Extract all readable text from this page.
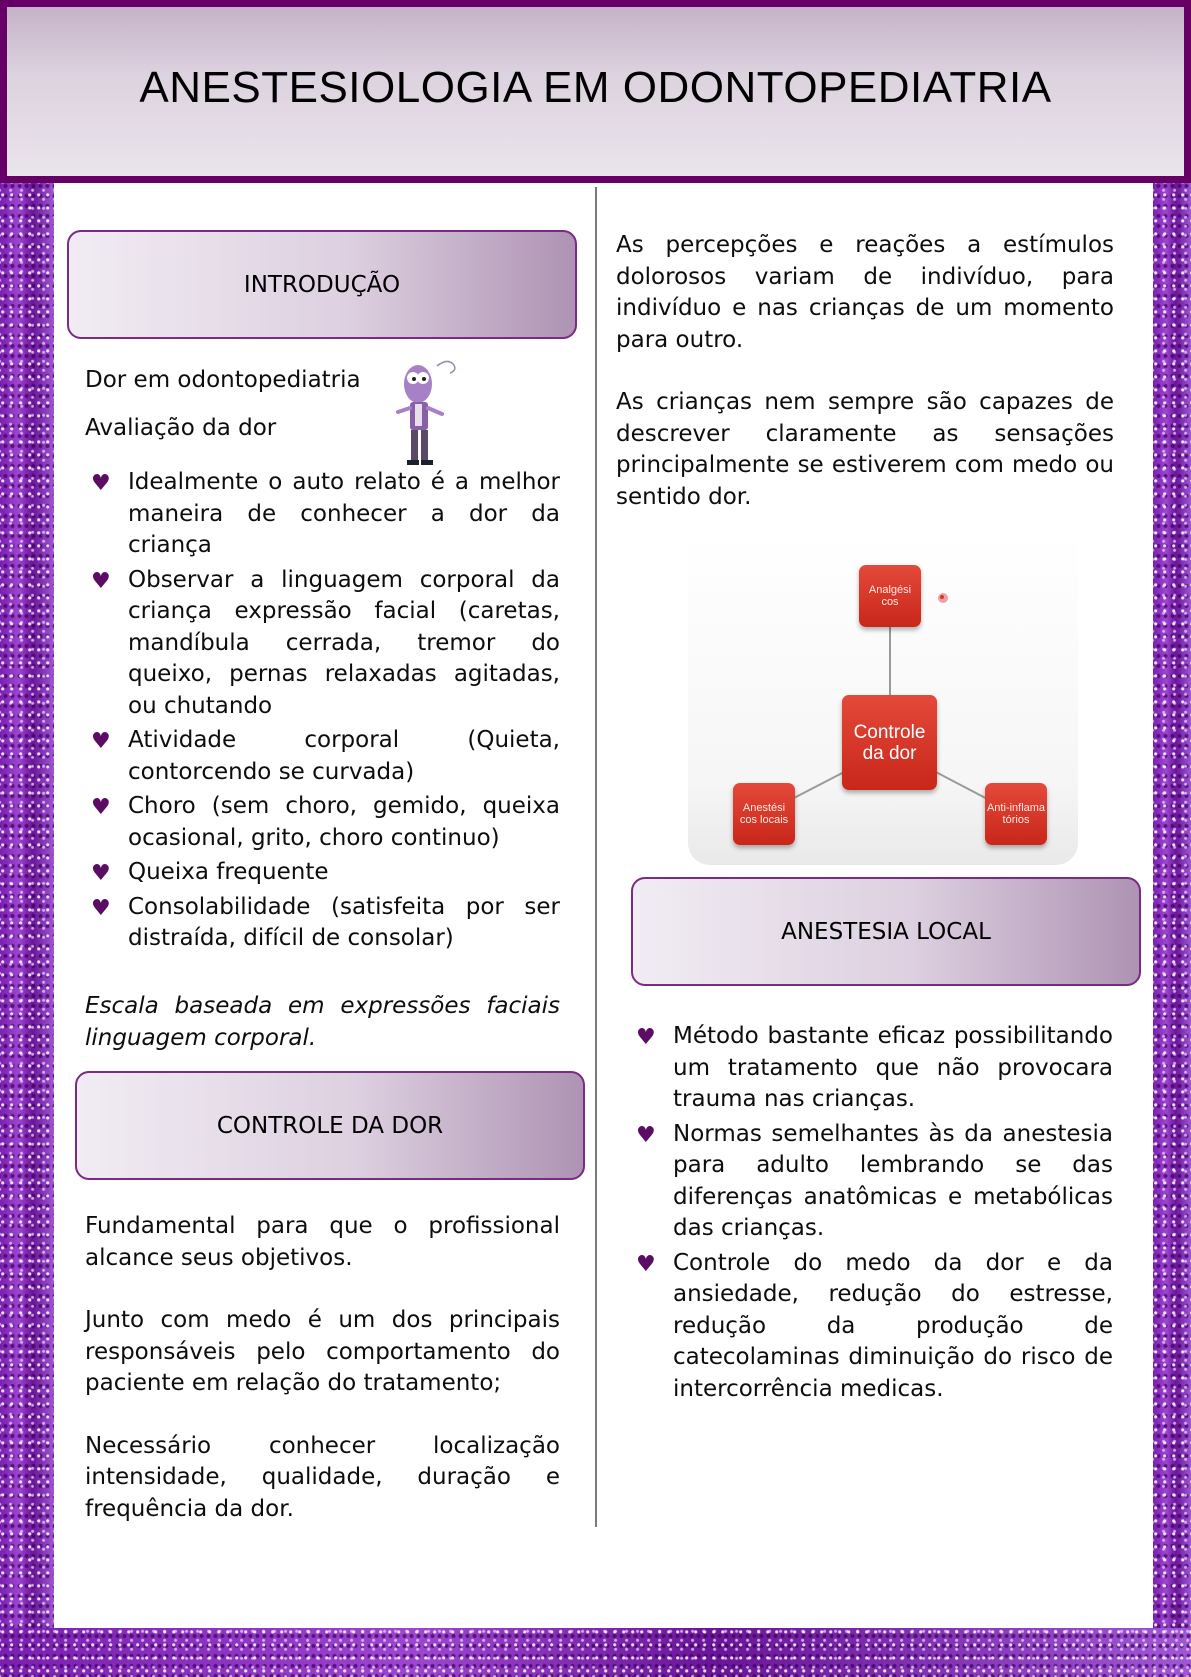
ANESTESIOLOGIA EM ODONTOPEDIATRIA
INTRODUÇÃO
Dor em odontopediatria
Avaliação da dor
♥ Idealmente o auto relato é a melhor maneira de conhecer a dor da criança
♥ Observar a linguagem corporal da criança expressão facial (caretas, mandíbula cerrada, tremor do queixo, pernas relaxadas agitadas, ou chutando
♥ Atividade corporal (Quieta, contorcendo se curvada)
♥ Choro (sem choro, gemido, queixa ocasional, grito, choro continuo)
♥ Queixa frequente
♥ Consolabilidade (satisfeita por ser distraída, difícil de consolar)
Escala baseada em expressões faciais linguagem corporal.
CONTROLE DA DOR

Fundamental para que o profissional alcance seus objetivos.

Junto com medo é um dos principais responsáveis pelo comportamento do paciente em relação do tratamento;

Necessário conhecer localização intensidade, qualidade, duração e frequência da dor.

As percepções e reações a estímulos dolorosos variam de indivíduo, para indivíduo e nas crianças de um momento para outro.

As crianças nem sempre são capazes de descrever claramente as sensações principalmente se estiverem com medo ou sentido dor.

Analgési cos
Controle da dor
Anestési cos locais
Anti-inflama tórios
ANESTESIA LOCAL
♥ Método bastante eficaz possibilitando um tratamento que não provocara trauma nas crianças.
♥ Normas semelhantes às da anestesia para adulto lembrando se das diferenças anatômicas e metabólicas das crianças.
♥ Controle do medo da dor e da ansiedade, redução do estresse, redução da produção de catecolaminas diminuição do risco de intercorrência medicas.
